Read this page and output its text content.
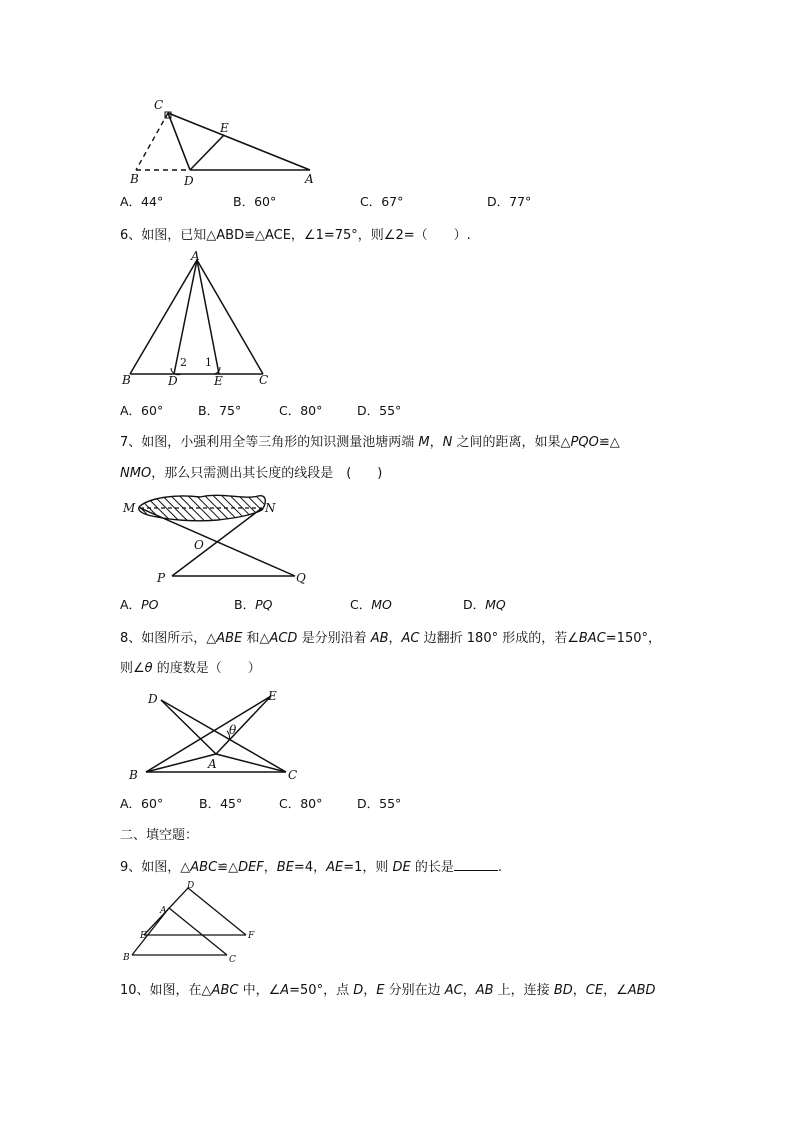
C
E
B	D	A
A．44°	B．60°	C．67°	D．77°
6、如图，已知△ABD≌△ACE，∠1=75°，则∠2=（　　）.
A
B	D	E	C
2 1
A．60°	B．75°	C．80°	D．55°
7、如图，小强利用全等三角形的知识测量池塘两端 M，N 之间的距离，如果△PQO≌△
NMO，那么只需测出其长度的线段是　(　　)
M	N
O
P	Q
A．PO	B．PQ	C．MO	D．MQ
8、如图所示，△ABE 和△ACD 是分别沿着 AB，AC 边翻折 180° 形成的，若∠BAC=150°，
则∠θ 的度数是（　　）
D	E
θ
A
B	C
A．60°	B．45°	C．80°	D．55°
二、填空题：
9、如图，△ABC≌△DEF，BE=4，AE=1，则 DE 的长是	.
D
A
E	F
B	C
10、如图，在△ABC 中，∠A=50°，点 D，E 分别在边 AC，AB 上，连接 BD，CE，∠ABD
